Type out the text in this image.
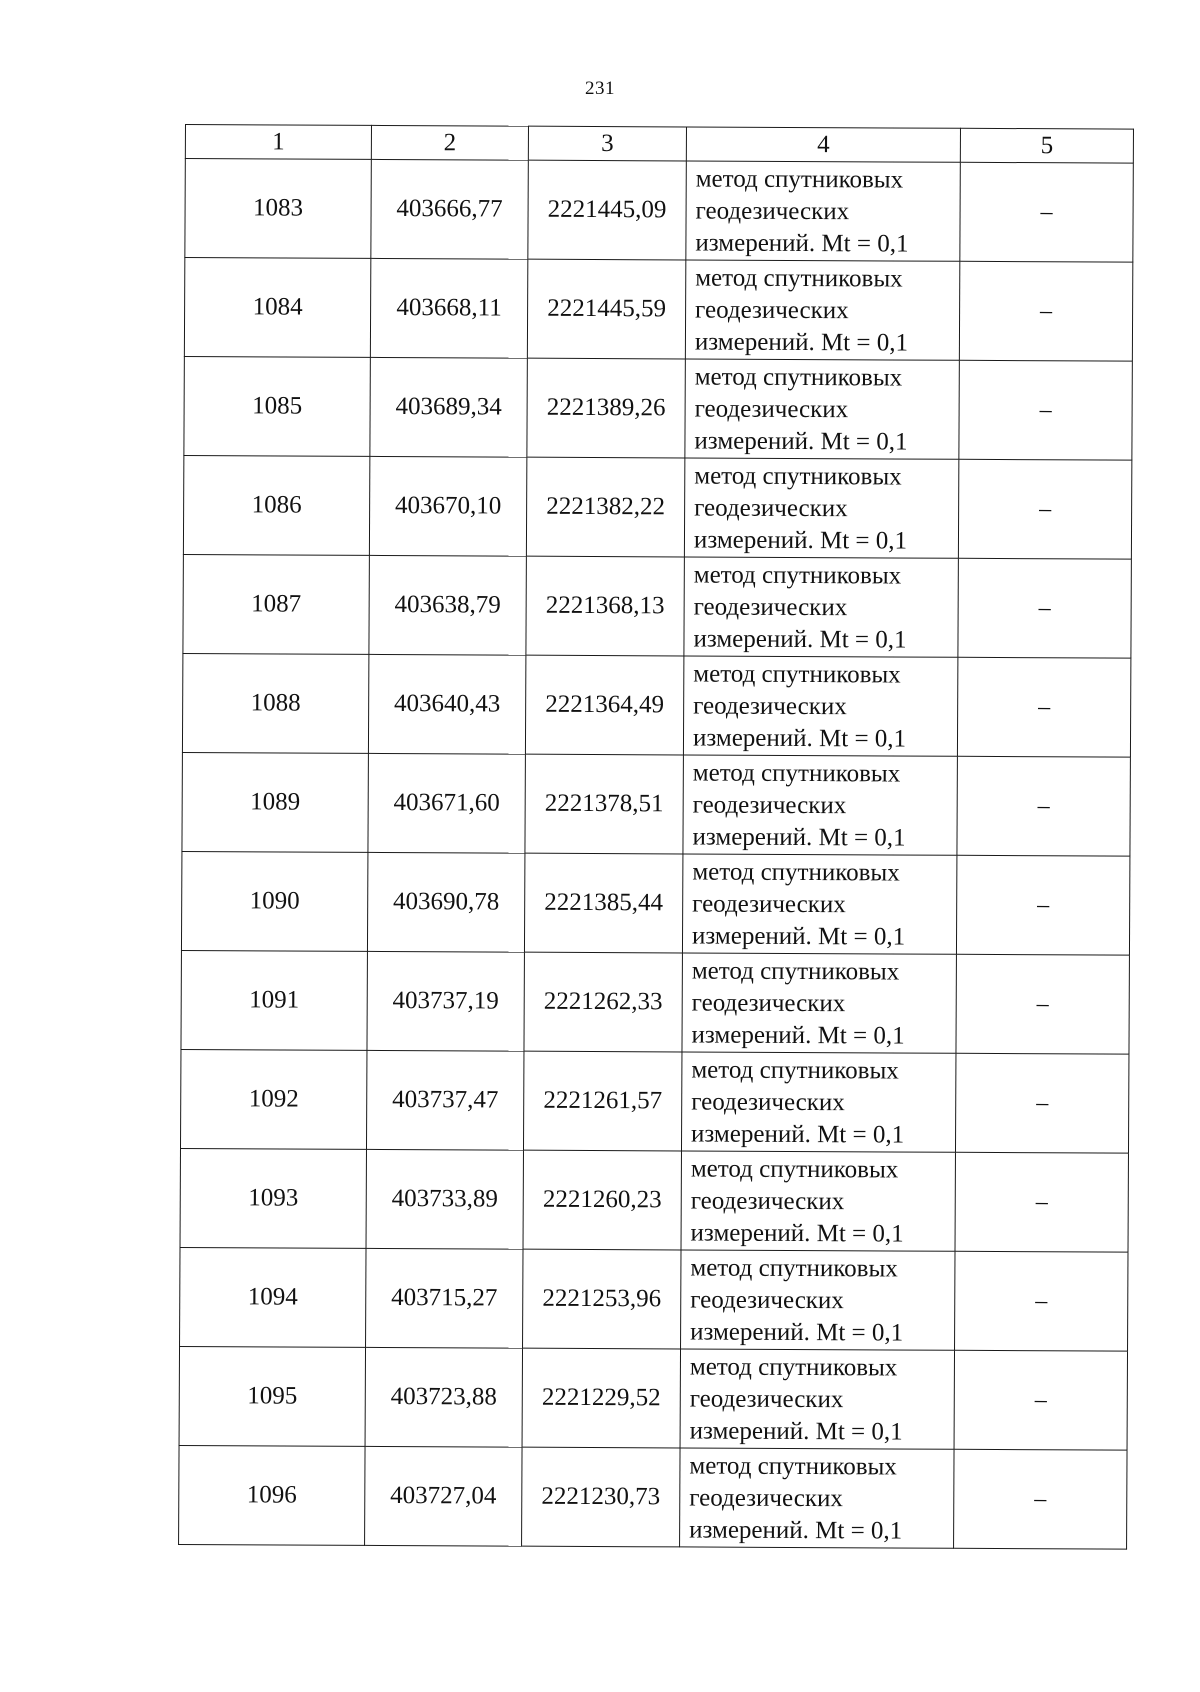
231
1	2	3	4	5
1083	403666,77	2221445,09	метод спутниковых
геодезических
измерений. Mt = 0,1	–
1084	403668,11	2221445,59	метод спутниковых
геодезических
измерений. Mt = 0,1	–
1085	403689,34	2221389,26	метод спутниковых
геодезических
измерений. Mt = 0,1	–
1086	403670,10	2221382,22	метод спутниковых
геодезических
измерений. Mt = 0,1	–
1087	403638,79	2221368,13	метод спутниковых
геодезических
измерений. Mt = 0,1	–
1088	403640,43	2221364,49	метод спутниковых
геодезических
измерений. Mt = 0,1	–
1089	403671,60	2221378,51	метод спутниковых
геодезических
измерений. Mt = 0,1	–
1090	403690,78	2221385,44	метод спутниковых
геодезических
измерений. Mt = 0,1	–
1091	403737,19	2221262,33	метод спутниковых
геодезических
измерений. Mt = 0,1	–
1092	403737,47	2221261,57	метод спутниковых
геодезических
измерений. Mt = 0,1	–
1093	403733,89	2221260,23	метод спутниковых
геодезических
измерений. Mt = 0,1	–
1094	403715,27	2221253,96	метод спутниковых
геодезических
измерений. Mt = 0,1	–
1095	403723,88	2221229,52	метод спутниковых
геодезических
измерений. Mt = 0,1	–
1096	403727,04	2221230,73	метод спутниковых
геодезических
измерений. Mt = 0,1	–
